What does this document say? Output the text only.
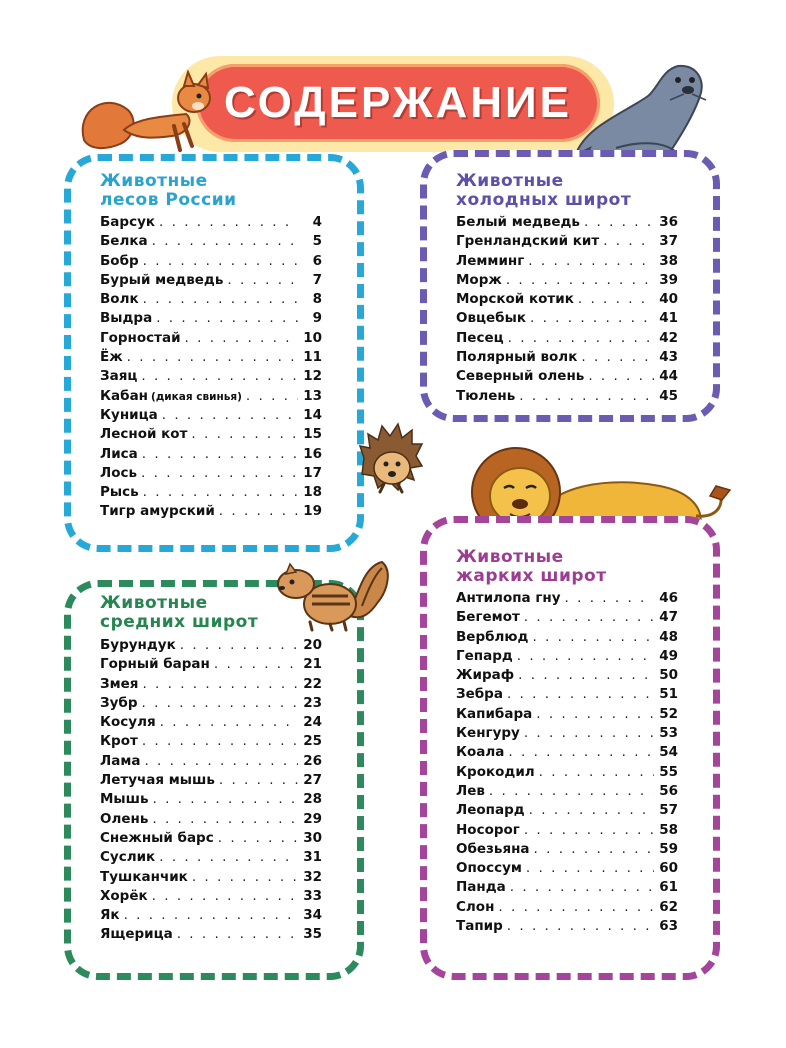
СОДЕРЖАНИЕ
Животные
лесов России
Барсук . . .	4
Белка . . .	5
Бобр . . .	6
Бурый медведь . . .	7
Волк . . .	8
Выдра . . .	9
Горностай . . .	10
Ёж . . .	11
Заяц . . .	12
Кабан (дикая свинья) . . .	13
Куница . . .	14
Лесной кот . . .	15
Лиса . . .	16
Лось . . .	17
Рысь . . .	18
Тигр амурский . . .	19
Животные
холодных широт
Белый медведь . . .	36
Гренландский кит . . .	37
Лемминг . . .	38
Морж . . .	39
Морской котик . . .	40
Овцебык . . .	41
Песец . . .	42
Полярный волк . . .	43
Северный олень . . .	44
Тюлень . . .	45
Животные
средних широт
Бурундук . . .	20
Горный баран . . .	21
Змея . . .	22
Зубр . . .	23
Косуля . . .	24
Крот . . .	25
Лама . . .	26
Летучая мышь . . .	27
Мышь . . .	28
Олень . . .	29
Снежный барс . . .	30
Суслик . . .	31
Тушканчик . . .	32
Хорёк . . .	33
Як . . .	34
Ящерица . . .	35
Животные
жарких широт
Антилопа гну . . .	46
Бегемот . . .	47
Верблюд . . .	48
Гепард . . .	49
Жираф . . .	50
Зебра . . .	51
Капибара . . .	52
Кенгуру . . .	53
Коала . . .	54
Крокодил . . .	55
Лев . . .	56
Леопард . . .	57
Носорог . . .	58
Обезьяна . . .	59
Опоссум . . .	60
Панда . . .	61
Слон . . .	62
Тапир . . .	63
